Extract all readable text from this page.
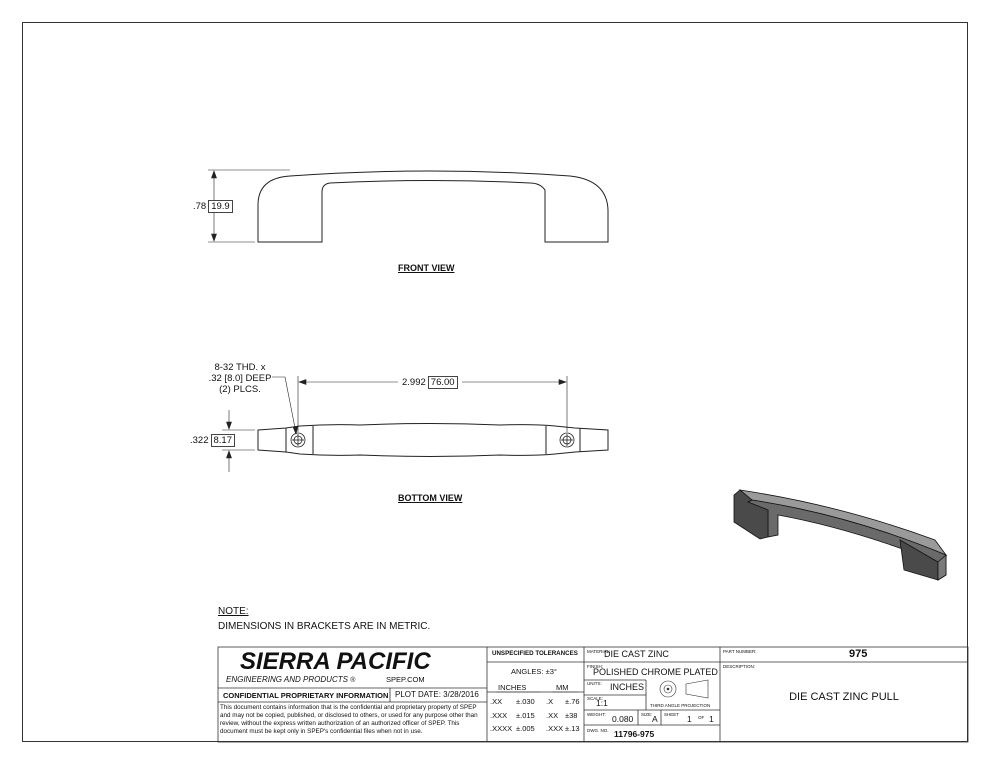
.78 19.9
FRONT VIEW
8-32 THD. x
.32 [8.0] DEEP
(2) PLCS.
2.992 76.00
.322 8.17
BOTTOM VIEW
NOTE:
DIMENSIONS IN BRACKETS ARE IN METRIC.
SIERRA PACIFIC
ENGINEERING AND PRODUCTS ®	SPEP.COM
CONFIDENTIAL PROPRIETARY INFORMATION PLOT DATE: 3/28/2016
This document contains information that is the confidential and proprietary property of SPEP and may not be copied, published, or disclosed to others, or used for any purpose other than review, without the express written authorization of an authorized officer of SPEP. This document must be kept only in SPEP's confidential files when not in use.
UNSPECIFIED TOLERANCES
ANGLES: ±3°
INCHES	MM
.XX ±.030 .X ±.76
.XXX ±.015 .XX ±38
.XXXX ±.005 .XXX ±.13
MATERIAL:
DIE CAST ZINC
FINISH:
POLISHED CHROME PLATED
UNITS: INCHES
SCALE:
1:1	THIRD ANGLE PROJECTION
WEIGHT: 0.080 SIZE: A SHEET 1 OF 1
DWG. NO. 11796-975
PART NUMBER:	975
DESCRIPTION:
DIE CAST ZINC PULL
